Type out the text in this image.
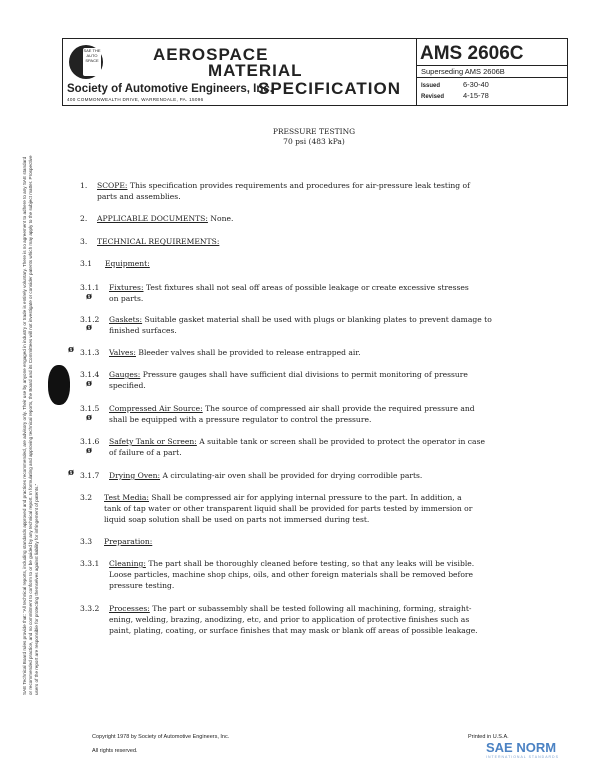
SAE Technical Board rules provide that: "All technical reports, including standards approved and practices recommended, are advisory only. Their use by anyone engaged in industry or trade is entirely voluntary. There is no agreement to adhere to any SAE standard or recommended practice, and no commitment to conform to or be guided by any technical report. In formulating and approving technical reports, the Board and its Committees will not investigate or consider patents which may apply to the subject matter. Prospective users of the report are responsible for protecting themselves against liability for infringement of patents."
SAE THE AUTO SPACE	AEROSPACE
MATERIAL
SPECIFICATION
Society of Automotive Engineers, Inc.
400 COMMONWEALTH DRIVE, WARRENDALE, PA. 15096
AMS 2606C
Superseding AMS 2606B
Issued	6-30-40
Revised	4-15-78
PRESSURE TESTING
70 psi (483 kPa)
1. SCOPE: This specification provides requirements and procedures for air-pressure leak testing of
parts and assemblies.
2. APPLICABLE DOCUMENTS: None.
3. TECHNICAL REQUIREMENTS:
3.1 Equipment:
3.1.1
ø
Fixtures: Test fixtures shall not seal off areas of possible leakage or create excessive stresses
on parts.
3.1.2
ø
Gaskets: Suitable gasket material shall be used with plugs or blanking plates to prevent damage to
finished surfaces.
ø 3.1.3 Valves: Bleeder valves shall be provided to release entrapped air.
3.1.4
ø
Gauges: Pressure gauges shall have sufficient dial divisions to permit monitoring of pressure
specified.
3.1.5
ø
Compressed Air Source: The source of compressed air shall provide the required pressure and
shall be equipped with a pressure regulator to control the pressure.
3.1.6
ø
Safety Tank or Screen: A suitable tank or screen shall be provided to protect the operator in case
of failure of a part.
ø 3.1.7 Drying Oven: A circulating-air oven shall be provided for drying corrodible parts.
3.2 Test Media: Shall be compressed air for applying internal pressure to the part. In addition, a
tank of tap water or other transparent liquid shall be provided for parts tested by immersion or
liquid soap solution shall be used on parts not immersed during test.
3.3 Preparation:
3.3.1 Cleaning: The part shall be thoroughly cleaned before testing, so that any leaks will be visible.
Loose particles, machine shop chips, oils, and other foreign materials shall be removed before
pressure testing.
3.3.2 Processes: The part or subassembly shall be tested following all machining, forming, straight-
ening, welding, brazing, anodizing, etc, and prior to application of protective finishes such as
paint, plating, coating, or surface finishes that may mask or blank off areas of possible leakage.
Copyright 1978 by Society of Automotive Engineers, Inc.
All rights reserved.
Printed in U.S.A.
SAE NORM
INTERNATIONAL STANDARDS
